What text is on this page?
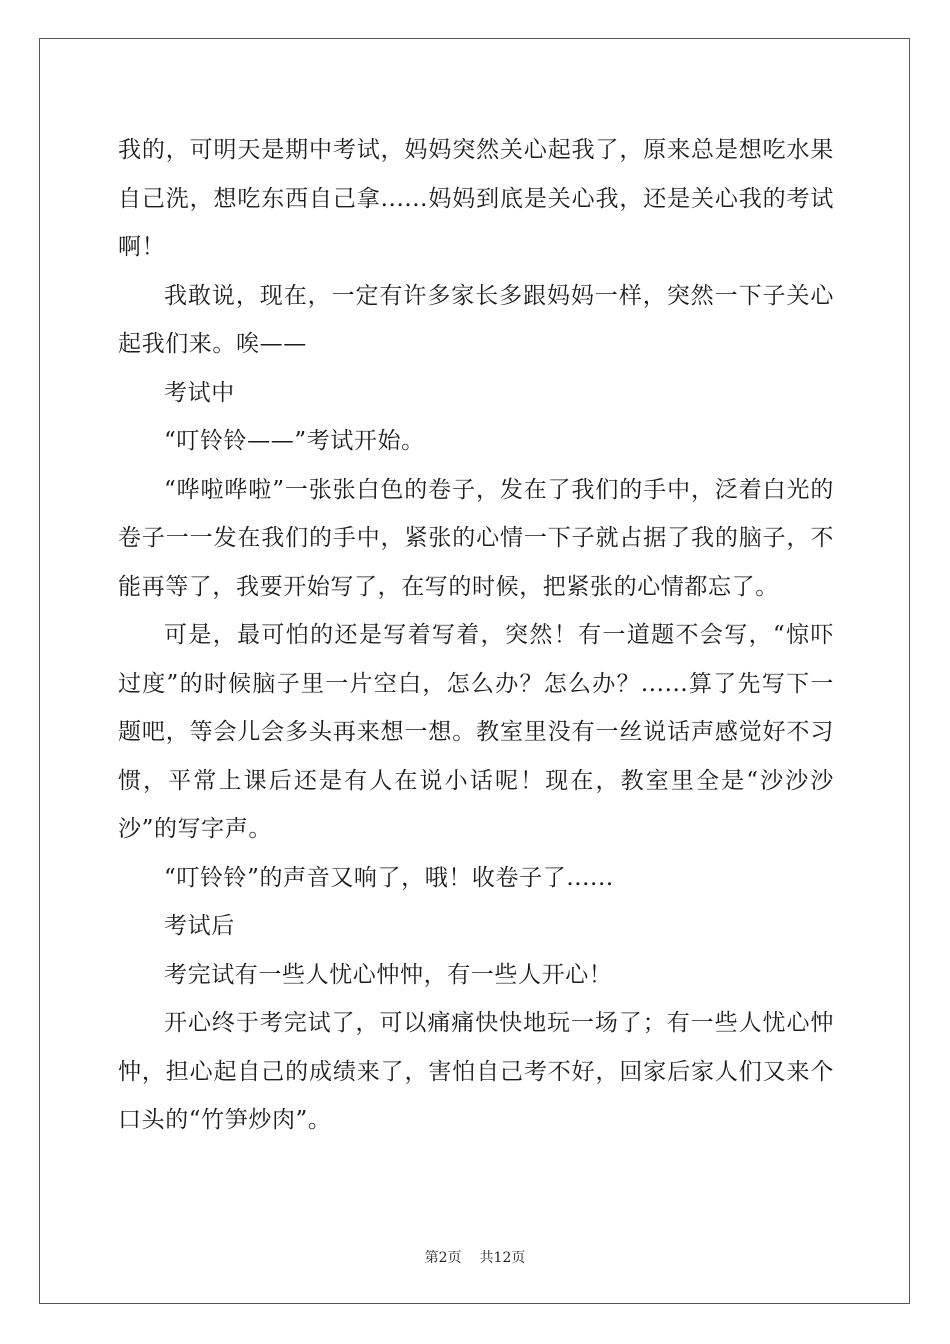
我的，可明天是期中考试，妈妈突然关心起我了，原来总是想吃水果自己洗，想吃东西自己拿......妈妈到底是关心我，还是关心我的考试啊！

我敢说，现在，一定有许多家长多跟妈妈一样，突然一下子关心起我们来。唉——

考试中

“叮铃铃——”考试开始。

“哗啦哗啦”一张张白色的卷子，发在了我们的手中，泛着白光的卷子一一发在我们的手中，紧张的心情一下子就占据了我的脑子，不能再等了，我要开始写了，在写的时候，把紧张的心情都忘了。

可是，最可怕的还是写着写着，突然！有一道题不会写，“惊吓过度”的时候脑子里一片空白，怎么办？怎么办？......算了先写下一题吧，等会儿会多头再来想一想。教室里没有一丝说话声感觉好不习惯，平常上课后还是有人在说小话呢！现在，教室里全是“沙沙沙沙”的写字声。

“叮铃铃”的声音又响了，哦！收卷子了......

考试后

考完试有一些人忧心忡忡，有一些人开心！

开心终于考完试了，可以痛痛快快地玩一场了；有一些人忧心忡忡，担心起自己的成绩来了，害怕自己考不好，回家后家人们又来个口头的“竹笋炒肉”。

第2页 共12页
